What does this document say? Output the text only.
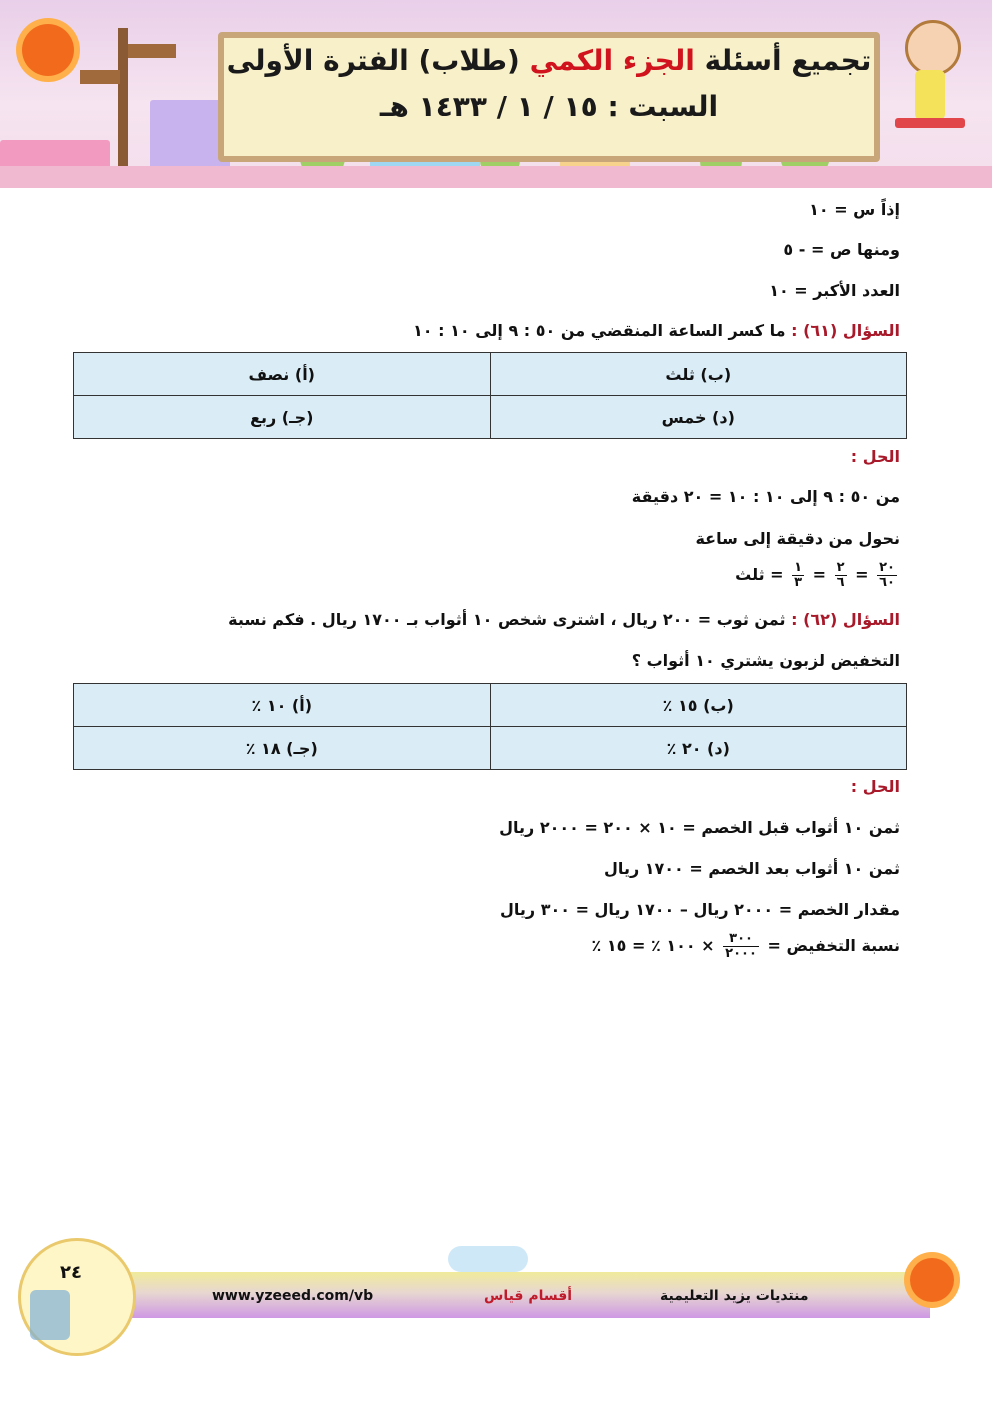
تجميع أسئلة الجزء الكمي (طلاب) الفترة الأولى
السبت : ١٥ / ١ / ١٤٣٣ هـ
إذاً س = ١٠
ومنها ص = - ٥
العدد الأكبر = ١٠
السؤال (٦١) : ما كسر الساعة المنقضي من ٥٠ : ٩ إلى ١٠ : ١٠
(أ) نصف	(ب) ثلث
(جـ) ربع	(د) خمس
الحل :
من ٥٠ : ٩ إلى ١٠ : ١٠ = ٢٠ دقيقة
نحول من دقيقة إلى ساعة
$\frac{٢٠}{٦٠}$
=
$\frac{٢}{٦}$
=
$\frac{١}{٣}$
= ثلث
السؤال (٦٢) : ثمن ثوب = ٢٠٠ ريال ، اشترى شخص ١٠ أثواب بـ ١٧٠٠ ريال . فكم نسبة
التخفيض لزبون يشتري ١٠ أثواب ؟
(أ) ١٠ ٪	(ب) ١٥ ٪
(جـ) ١٨ ٪	(د) ٢٠ ٪
الحل :
ثمن ١٠ أثواب قبل الخصم = ١٠ × ٢٠٠ = ٢٠٠٠ ريال
ثمن ١٠ أثواب بعد الخصم = ١٧٠٠ ريال
مقدار الخصم = ٢٠٠٠ ريال – ١٧٠٠ ريال = ٣٠٠ ريال
نسبة التخفيض =
$\frac{٣٠٠}{٢٠٠٠}$
× ١٠٠ ٪ = ١٥ ٪
٢٤
www.yzeeed.com/vb	أقسام قياس	منتديات يزيد التعليمية
